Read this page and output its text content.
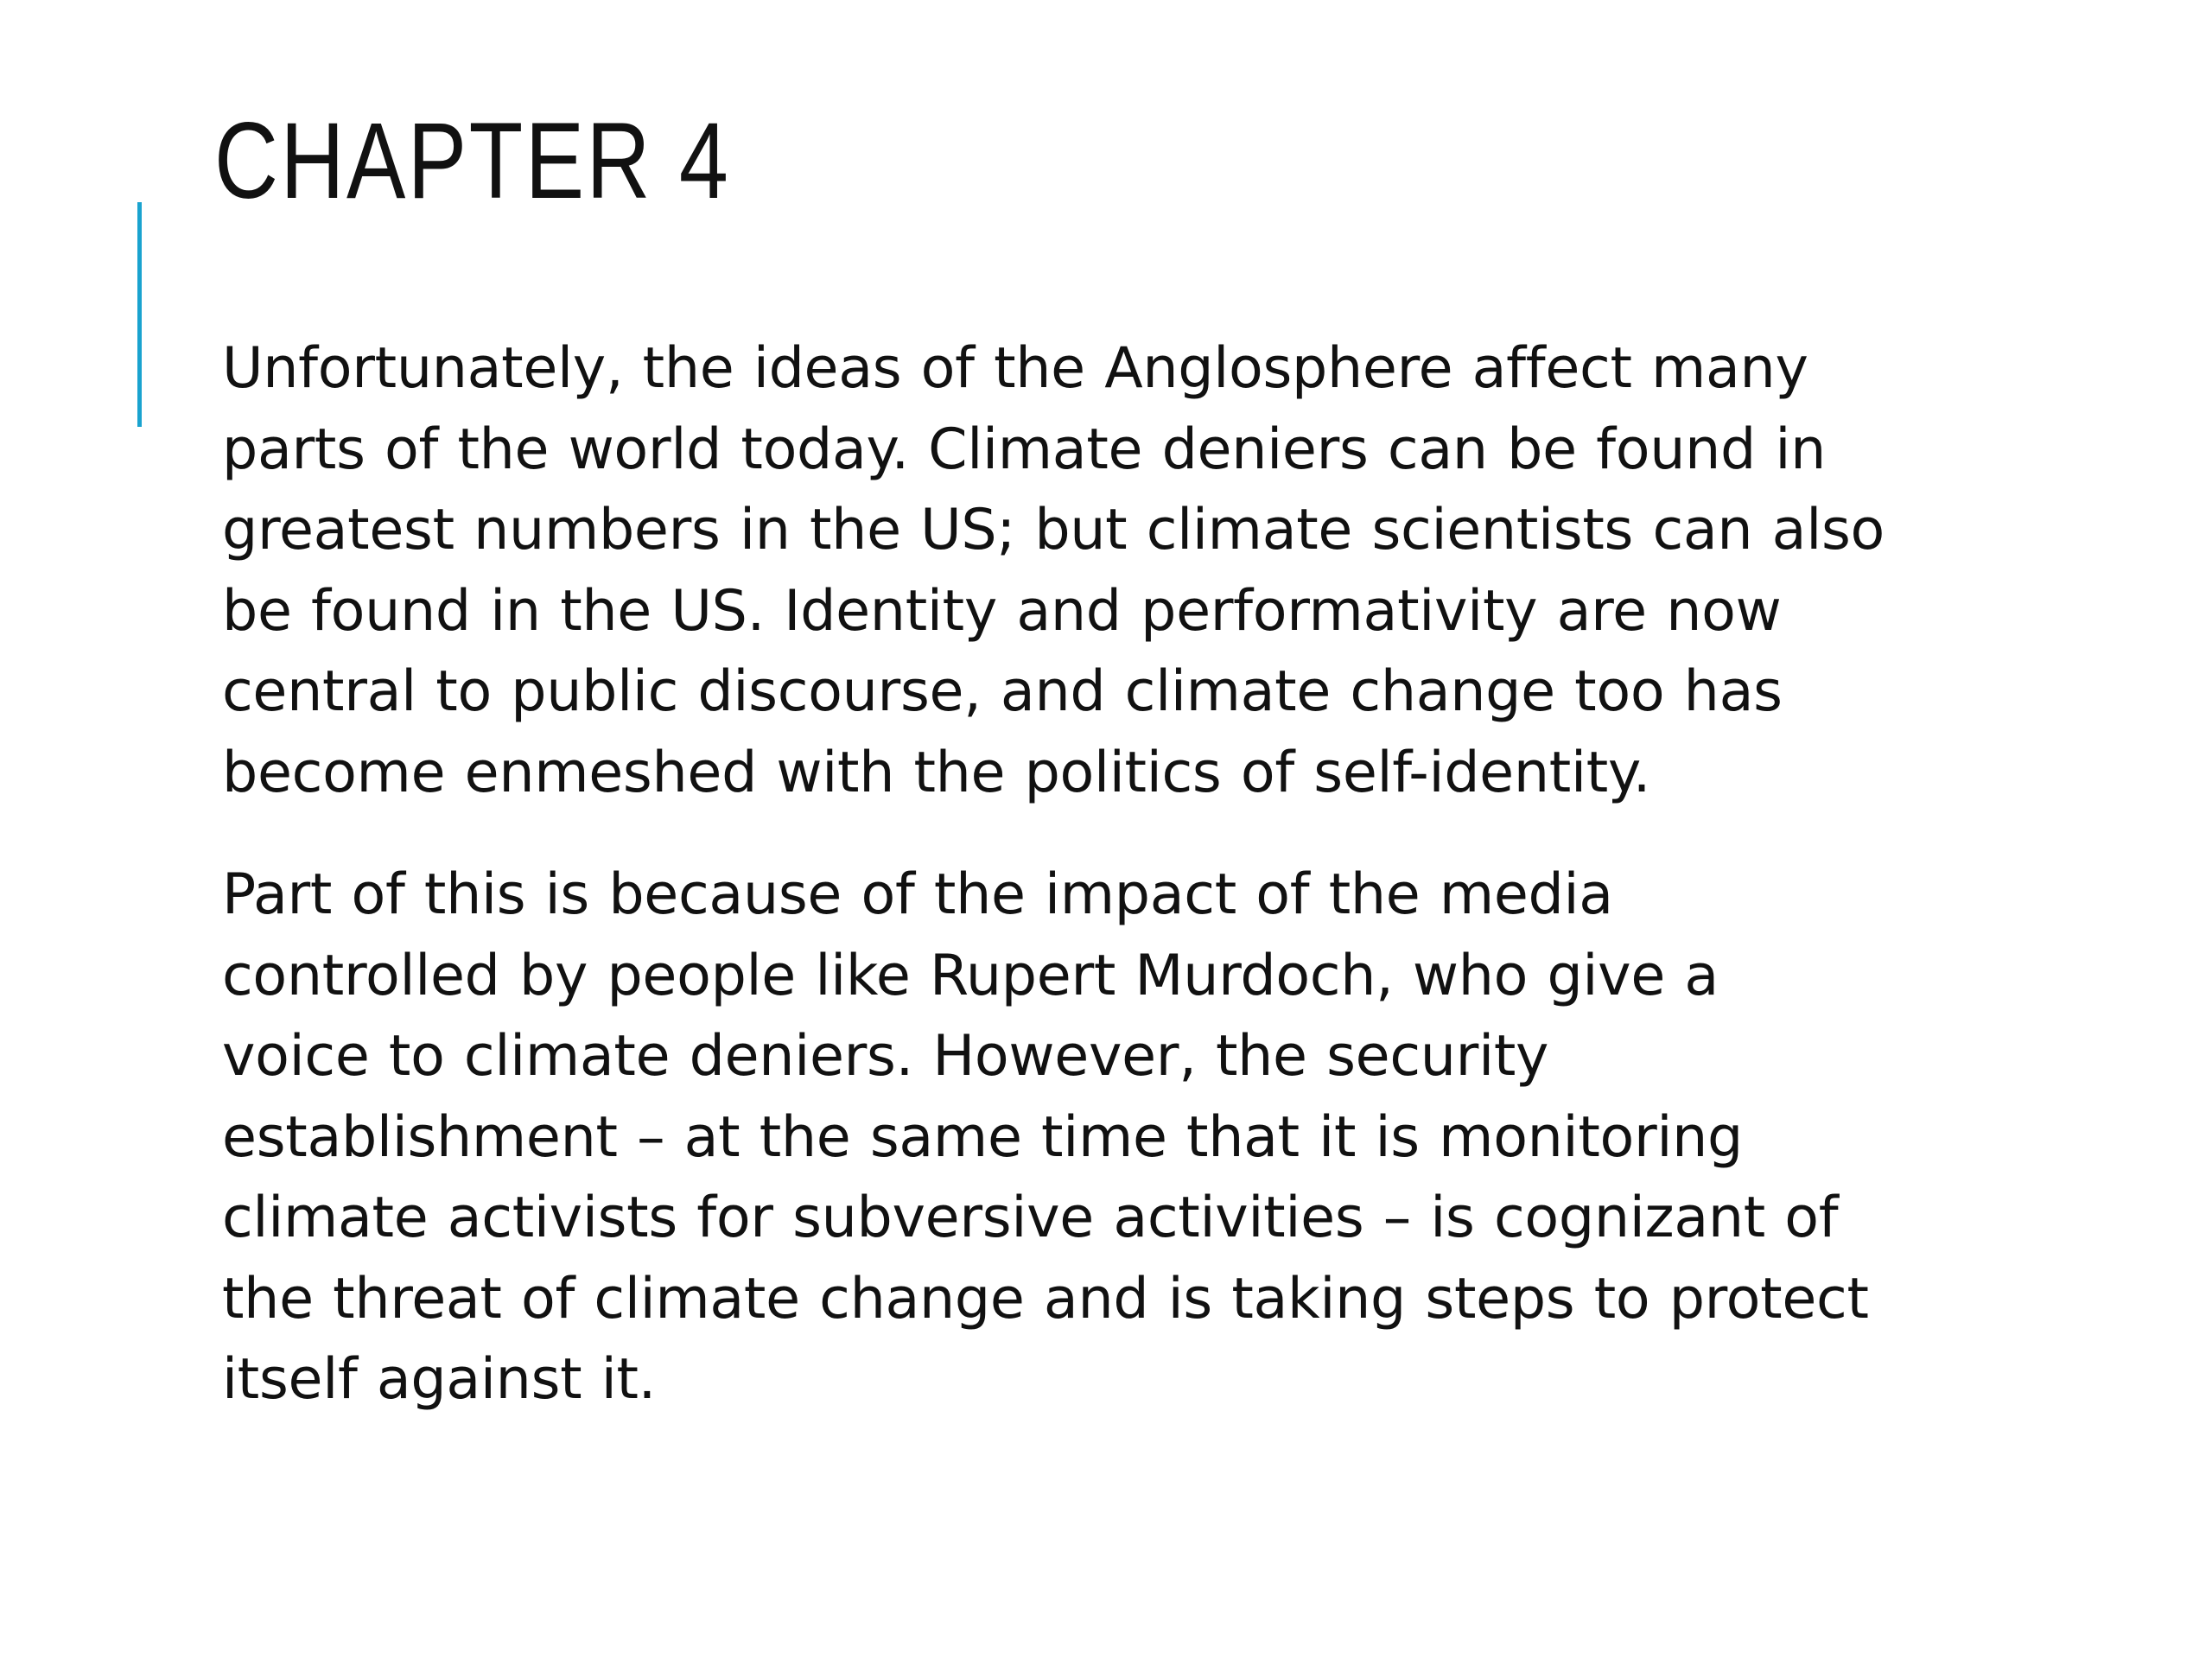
CHAPTER 4

Unfortunately, the ideas of the Anglosphere affect many
parts of the world today. Climate deniers can be found in
greatest numbers in the US; but climate scientists can also
be found in the US. Identity and performativity are now
central to public discourse, and climate change too has
become enmeshed with the politics of self-identity.

Part of this is because of the impact of the media
controlled by people like Rupert Murdoch, who give a
voice to climate deniers. However, the security
establishment – at the same time that it is monitoring
climate activists for subversive activities – is cognizant of
the threat of climate change and is taking steps to protect
itself against it.
